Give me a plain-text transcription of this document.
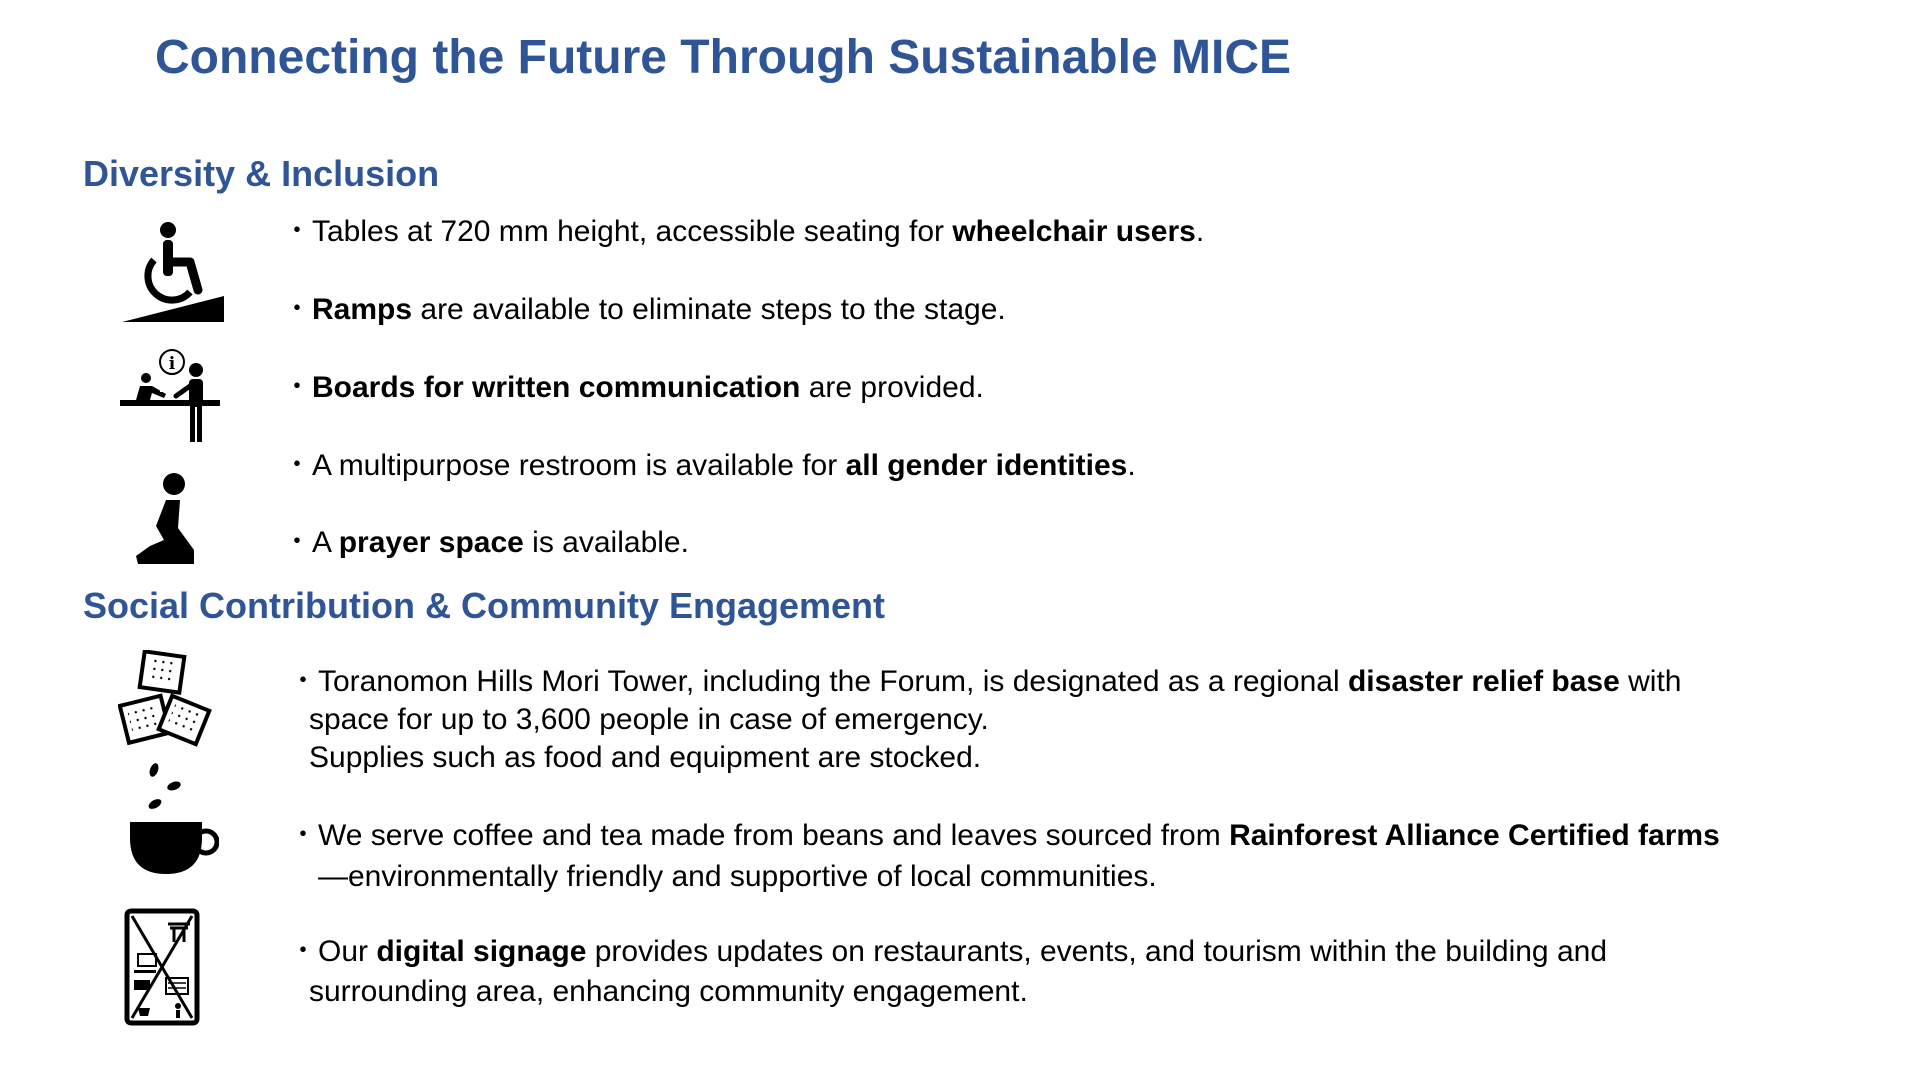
Connecting the Future Through Sustainable MICE
Diversity & Inclusion
i
・Tables at 720 mm height, accessible seating for wheelchair users.
・Ramps are available to eliminate steps to the stage.
・Boards for written communication are provided.
・A multipurpose restroom is available for all gender identities.
・A prayer space is available.
Social Contribution & Community Engagement
・Toranomon Hills Mori Tower, including the Forum, is designated as a regional disaster relief base with
space for up to 3,600 people in case of emergency.
Supplies such as food and equipment are stocked.
・We serve coffee and tea made from beans and leaves sourced from Rainforest Alliance Certified farms
—environmentally friendly and supportive of local communities.
・Our digital signage provides updates on restaurants, events, and tourism within the building and
surrounding area, enhancing community engagement.
